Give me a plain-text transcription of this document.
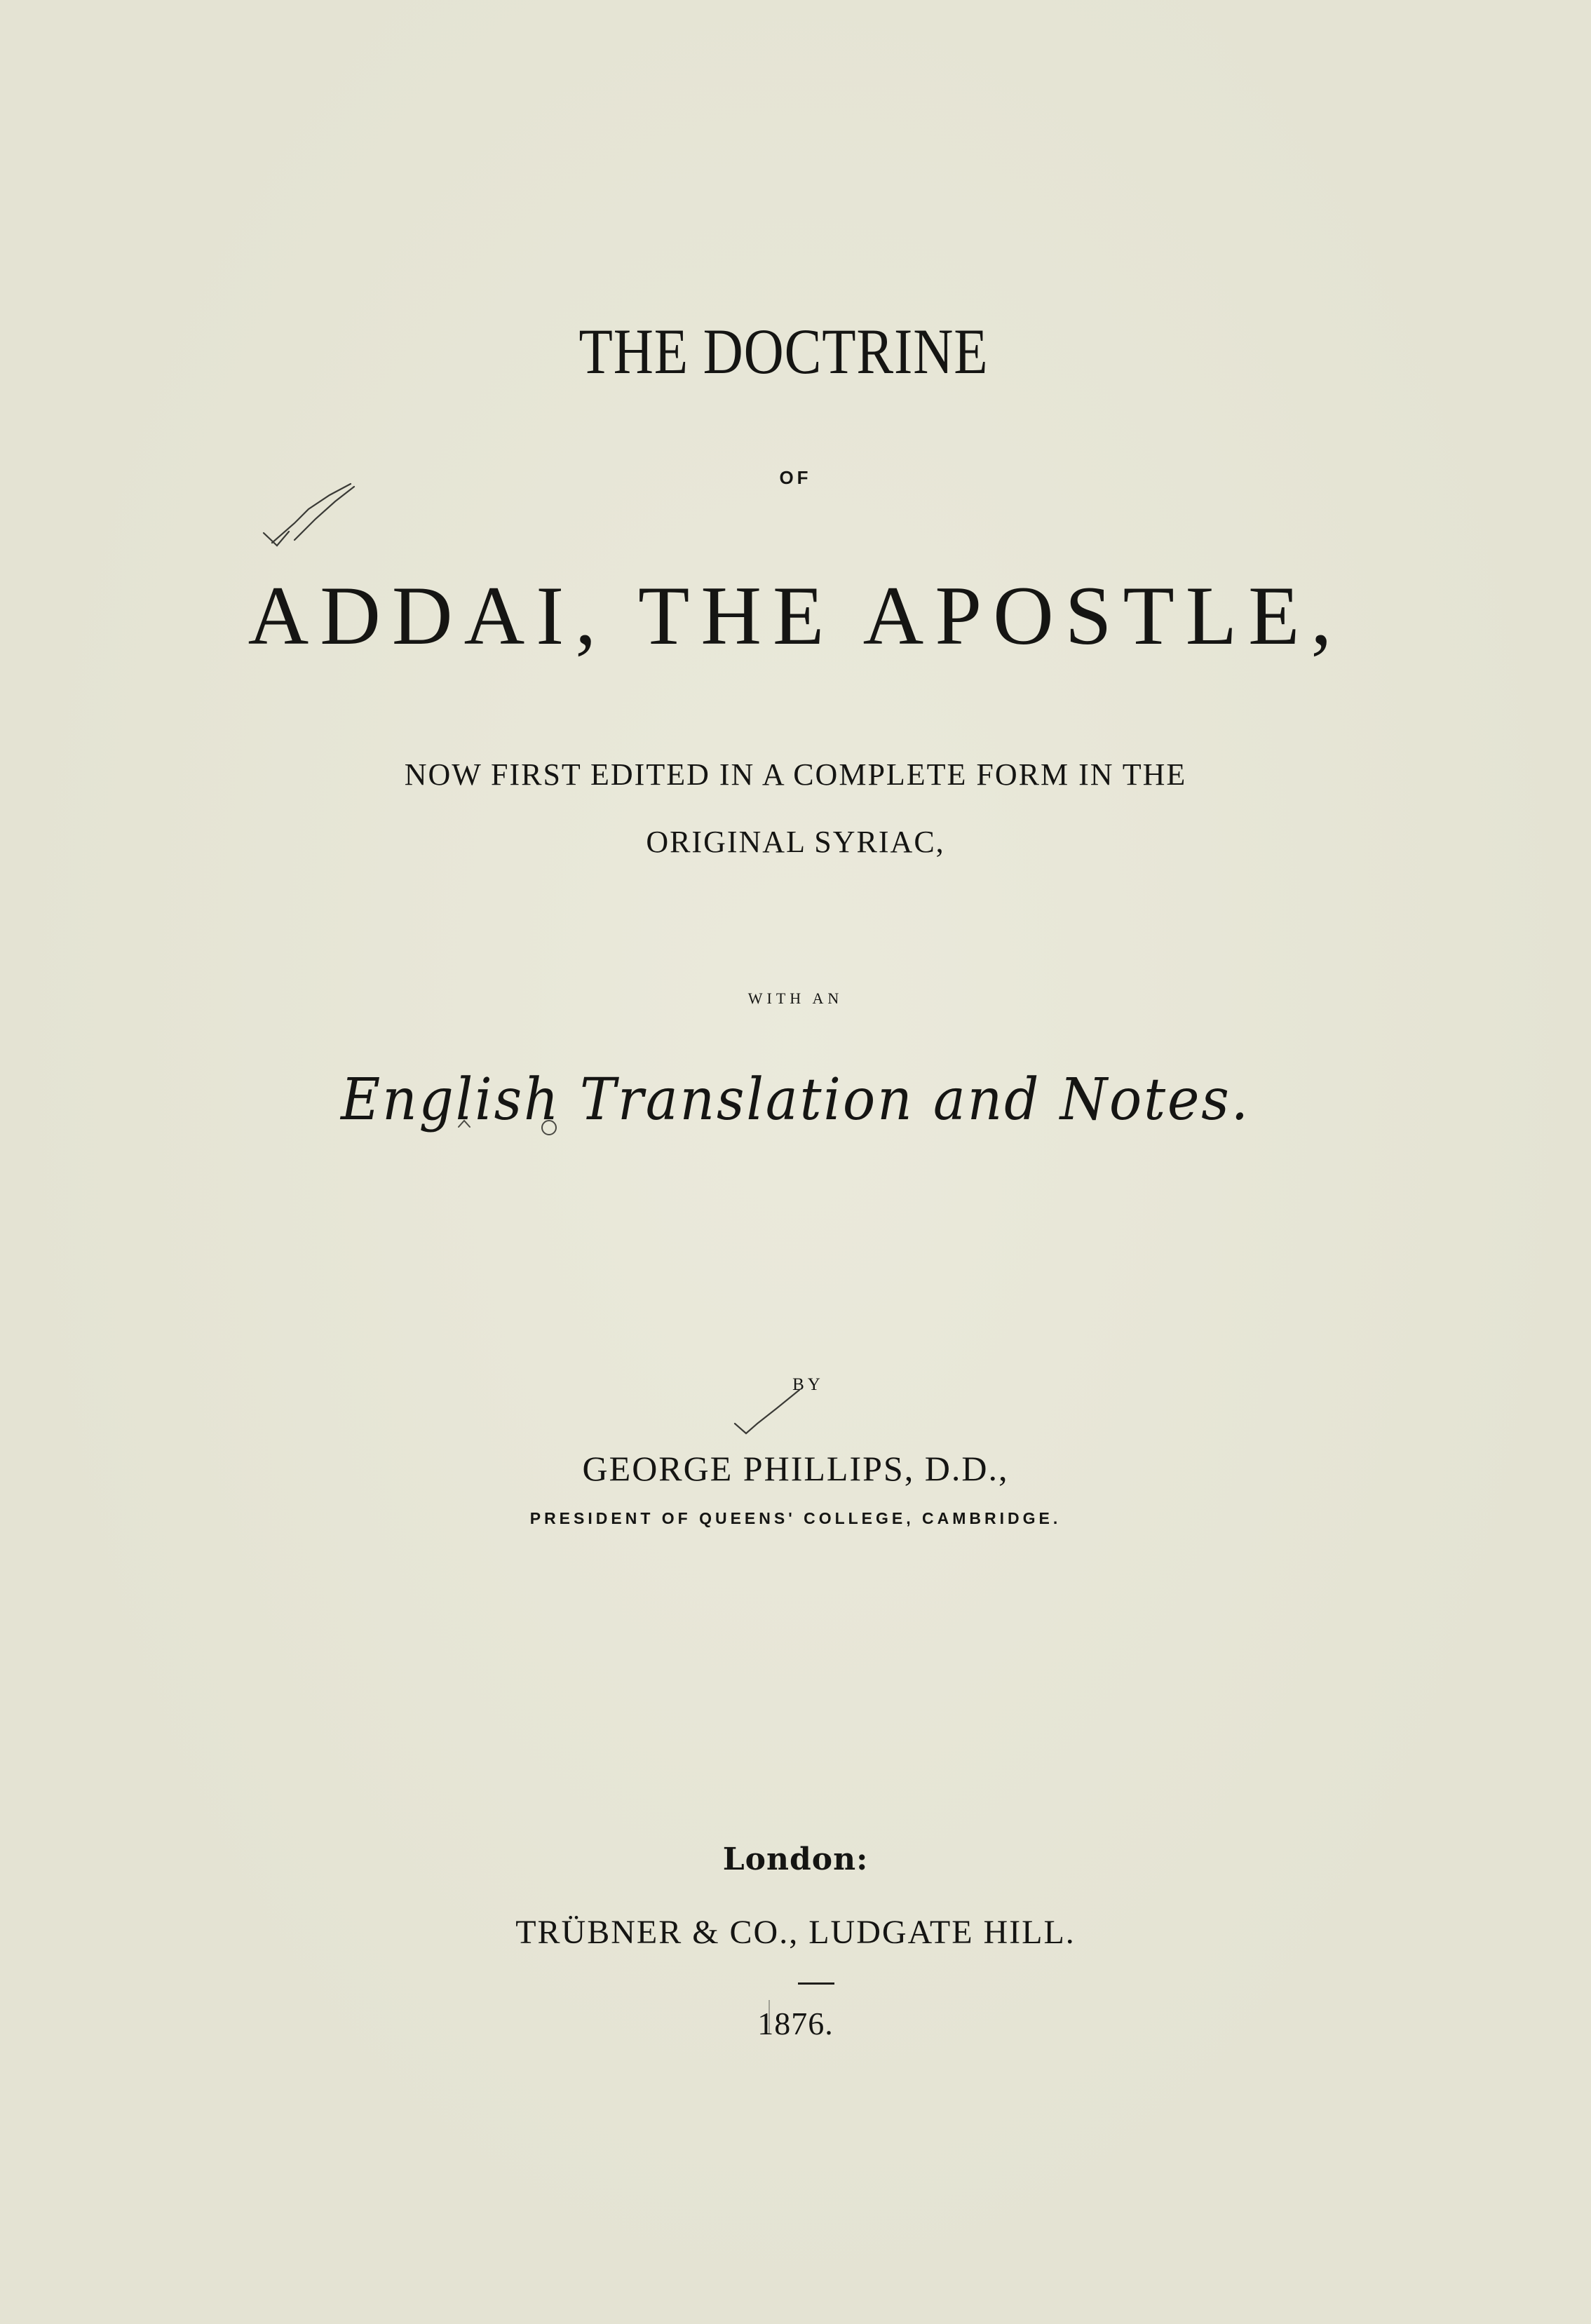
THE DOCTRINE
OF
ADDAI, THE APOSTLE,
NOW FIRST EDITED IN A COMPLETE FORM IN THE
ORIGINAL SYRIAC,
WITH AN
English Translation and Notes.
BY
GEORGE PHILLIPS, D.D.,
PRESIDENT OF QUEENS' COLLEGE, CAMBRIDGE.
London:
TRÜBNER & CO., LUDGATE HILL.
1876.
